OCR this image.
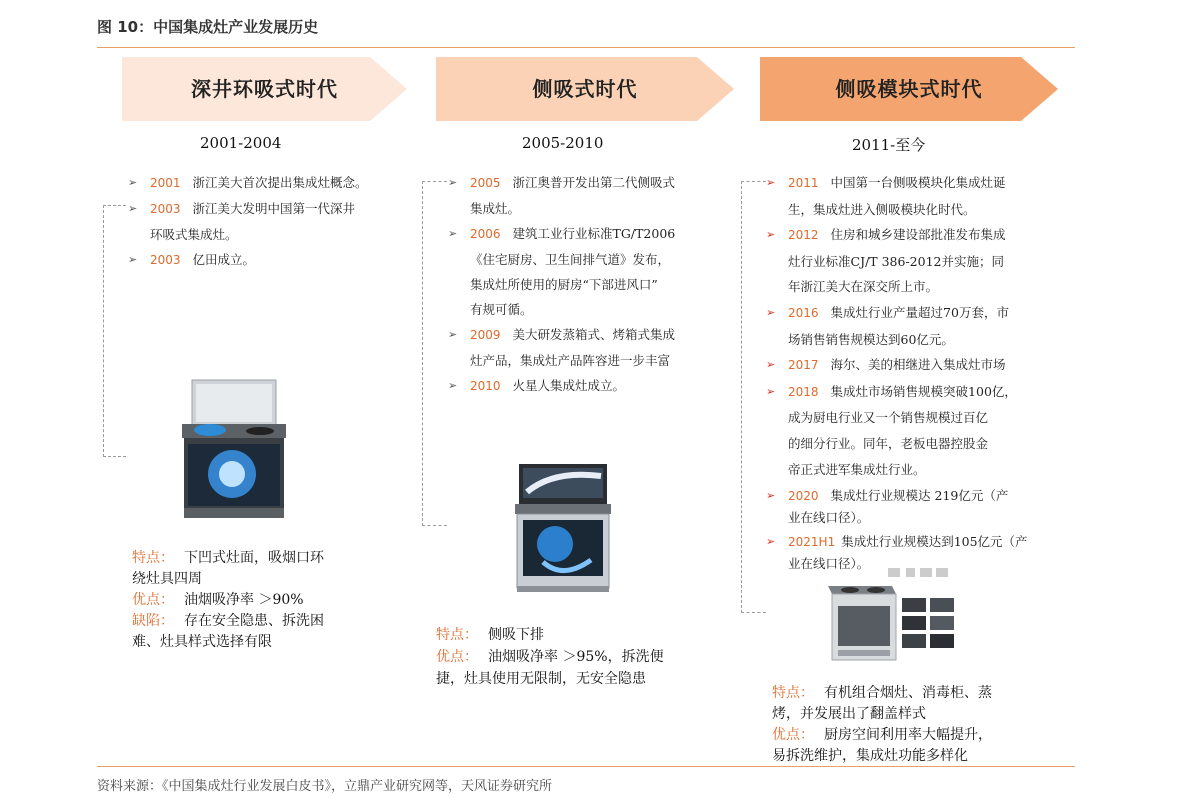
图 10：中国集成灶产业发展历史
深井环吸式时代	侧吸式时代	侧吸模块式时代
2001-2004	2005-2010	2011-至今
➢ 2001 浙江美大首次提出集成灶概念。
➢ 2003 浙江美大发明中国第一代深井
环吸式集成灶。
➢ 2003 亿田成立。
➢ 2005 浙江奥普开发出第二代侧吸式
集成灶。
➢ 2006 建筑工业行业标准TG/T2006
《住宅厨房、卫生间排气道》发布，
集成灶所使用的厨房“下部进风口”
有规可循。
➢ 2009 美大研发蒸箱式、烤箱式集成
灶产品，集成灶产品阵容进一步丰富
➢ 2010 火星人集成灶成立。
➢ 2011 中国第一台侧吸模块化集成灶诞
生，集成灶进入侧吸模块化时代。
➢ 2012 住房和城乡建设部批准发布集成
灶行业标准CJ/T 386-2012并实施；同
年浙江美大在深交所上市。
➢ 2016 集成灶行业产量超过70万套，市
场销售销售规模达到60亿元。
➢ 2017 海尔、美的相继进入集成灶市场
➢ 2018 集成灶市场销售规模突破100亿，
成为厨电行业又一个销售规模过百亿
的细分行业。同年，老板电器控股金
帝正式进军集成灶行业。
➢ 2020 集成灶行业规模达 219亿元（产
业在线口径）。
➢ 2021H1 集成灶行业规模达到105亿元（产
业在线口径）。

特点： 下凹式灶面，吸烟口环
绕灶具四周

优点： 油烟吸净率 ＞90%

缺陷： 存在安全隐患、拆洗困
难、灶具样式选择有限	特点： 侧吸下排

优点： 油烟吸净率 ＞95%，拆洗便
捷，灶具使用无限制，无安全隐患

特点： 有机组合烟灶、消毒柜、蒸
烤，并发展出了翻盖样式

优点： 厨房空间利用率大幅提升，
易拆洗维护，集成灶功能多样化

资料来源：《中国集成灶行业发展白皮书》，立鼎产业研究网等，天风证券研究所
